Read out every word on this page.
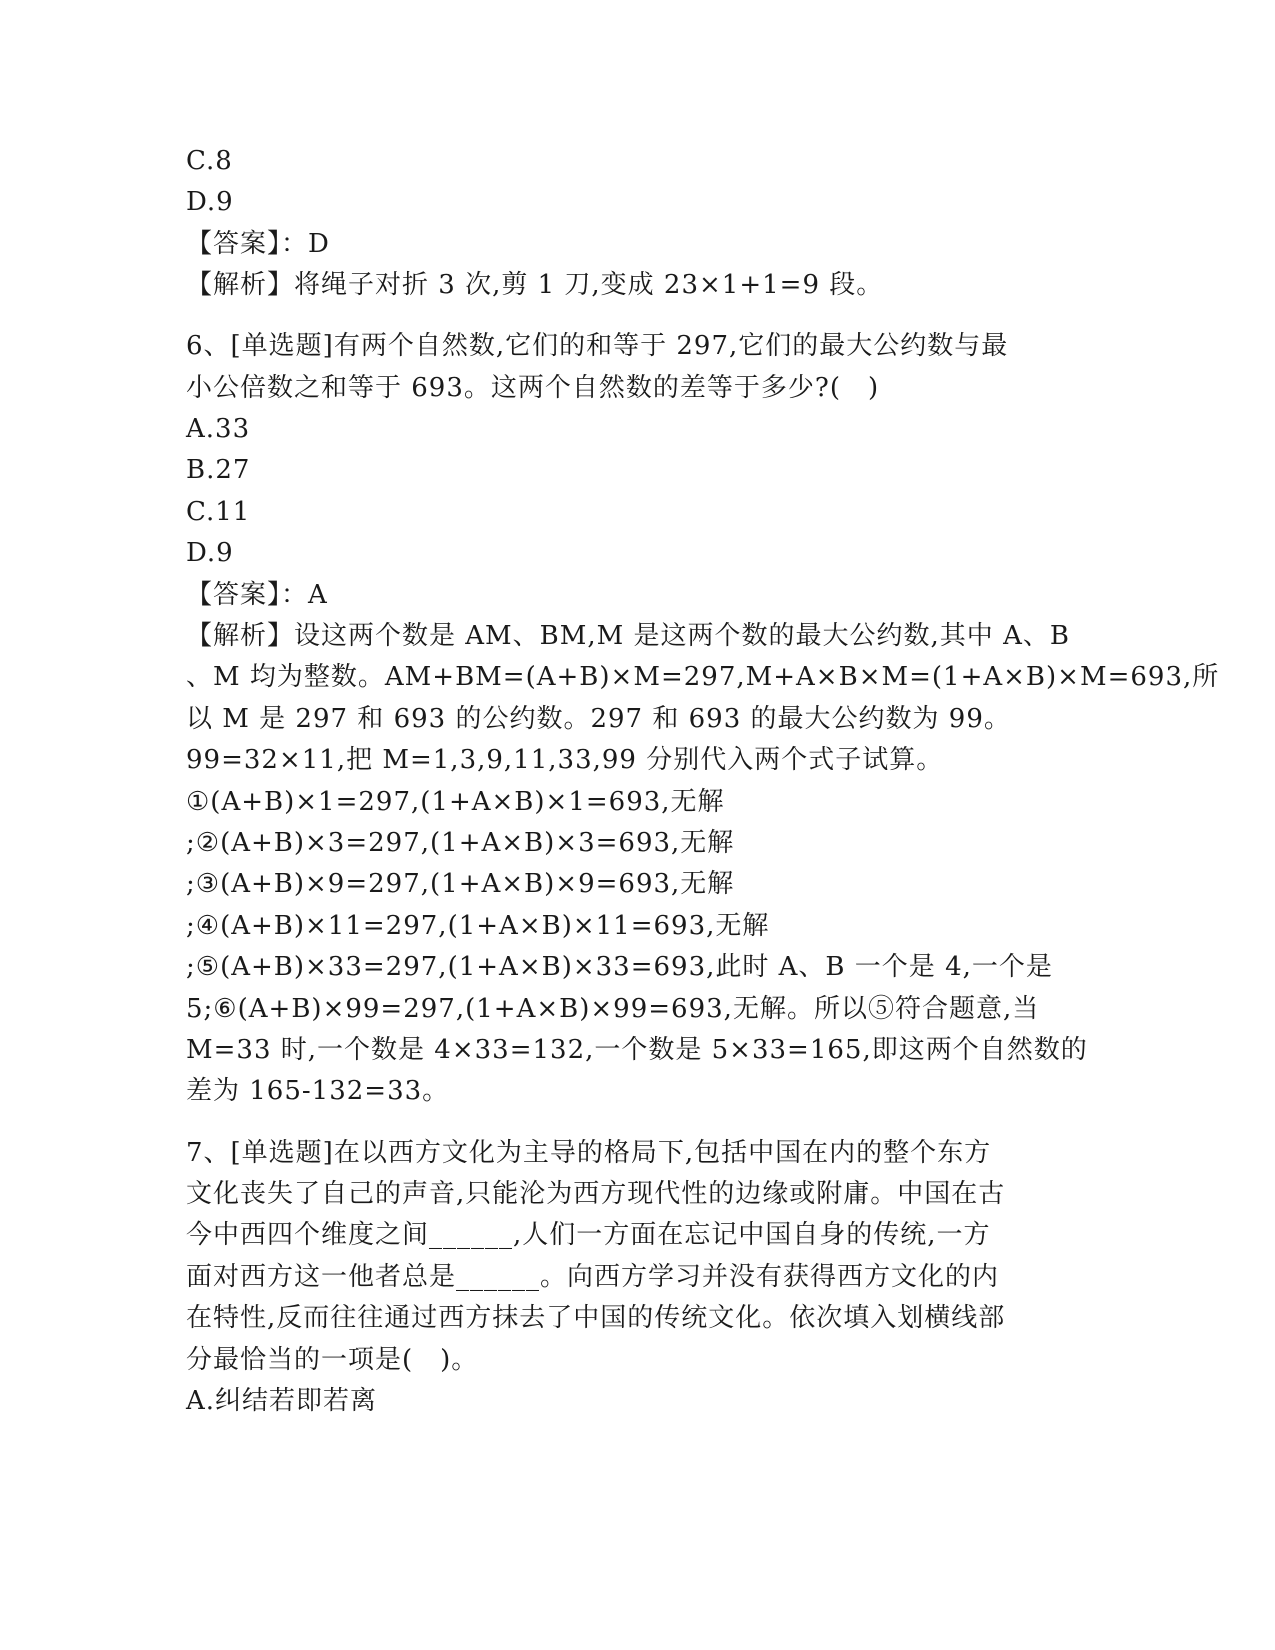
C.8
D.9
【答案】：D
【解析】将绳子对折 3 次,剪 1 刀,变成 23×1+1=9 段。
6、[单选题]有两个自然数,它们的和等于 297,它们的最大公约数与最
小公倍数之和等于 693。这两个自然数的差等于多少?(　)
A.33
B.27
C.11
D.9
【答案】：A
【解析】设这两个数是 AM、BM,M 是这两个数的最大公约数,其中 A、B
、M 均为整数。AM+BM=(A+B)×M=297,M+A×B×M=(1+A×B)×M=693,所
以 M 是 297 和 693 的公约数。297 和 693 的最大公约数为 99。
99=32×11,把 M=1,3,9,11,33,99 分别代入两个式子试算。
①(A+B)×1=297,(1+A×B)×1=693,无解
;②(A+B)×3=297,(1+A×B)×3=693,无解
;③(A+B)×9=297,(1+A×B)×9=693,无解
;④(A+B)×11=297,(1+A×B)×11=693,无解
;⑤(A+B)×33=297,(1+A×B)×33=693,此时 A、B 一个是 4,一个是
5;⑥(A+B)×99=297,(1+A×B)×99=693,无解。所以⑤符合题意,当
M=33 时,一个数是 4×33=132,一个数是 5×33=165,即这两个自然数的
差为 165-132=33。
7、[单选题]在以西方文化为主导的格局下,包括中国在内的整个东方
文化丧失了自己的声音,只能沦为西方现代性的边缘或附庸。中国在古
今中西四个维度之间______,人们一方面在忘记中国自身的传统,一方
面对西方这一他者总是______。向西方学习并没有获得西方文化的内
在特性,反而往往通过西方抹去了中国的传统文化。依次填入划横线部
分最恰当的一项是(　)。
A.纠结若即若离
